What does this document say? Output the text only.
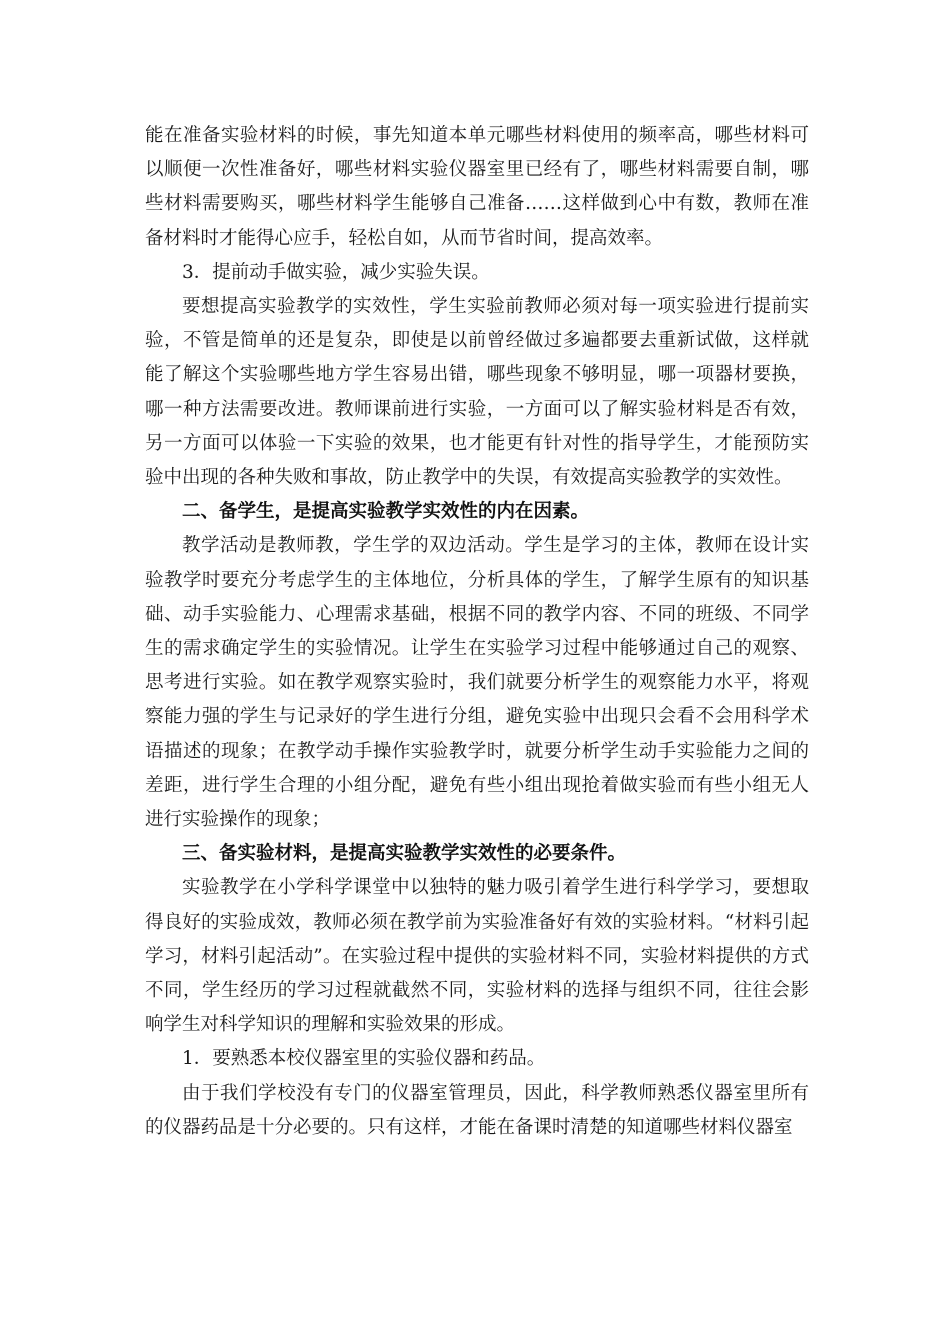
能在准备实验材料的时候，事先知道本单元哪些材料使用的频率高，哪些材料可以顺便一次性准备好，哪些材料实验仪器室里已经有了，哪些材料需要自制，哪些材料需要购买，哪些材料学生能够自己准备……这样做到心中有数，教师在准备材料时才能得心应手，轻松自如，从而节省时间，提高效率。

3．提前动手做实验，减少实验失误。

要想提高实验教学的实效性，学生实验前教师必须对每一项实验进行提前实验，不管是简单的还是复杂，即使是以前曾经做过多遍都要去重新试做，这样就能了解这个实验哪些地方学生容易出错，哪些现象不够明显，哪一项器材要换，哪一种方法需要改进。教师课前进行实验，一方面可以了解实验材料是否有效，另一方面可以体验一下实验的效果，也才能更有针对性的指导学生，才能预防实验中出现的各种失败和事故，防止教学中的失误，有效提高实验教学的实效性。

二、备学生，是提高实验教学实效性的内在因素。

教学活动是教师教，学生学的双边活动。学生是学习的主体，教师在设计实验教学时要充分考虑学生的主体地位，分析具体的学生，了解学生原有的知识基础、动手实验能力、心理需求基础，根据不同的教学内容、不同的班级、不同学生的需求确定学生的实验情况。让学生在实验学习过程中能够通过自己的观察、思考进行实验。如在教学观察实验时，我们就要分析学生的观察能力水平，将观察能力强的学生与记录好的学生进行分组，避免实验中出现只会看不会用科学术语描述的现象；在教学动手操作实验教学时，就要分析学生动手实验能力之间的差距，进行学生合理的小组分配，避免有些小组出现抢着做实验而有些小组无人进行实验操作的现象；

三、备实验材料，是提高实验教学实效性的必要条件。

实验教学在小学科学课堂中以独特的魅力吸引着学生进行科学学习，要想取得良好的实验成效，教师必须在教学前为实验准备好有效的实验材料。“材料引起学习，材料引起活动”。在实验过程中提供的实验材料不同，实验材料提供的方式不同，学生经历的学习过程就截然不同，实验材料的选择与组织不同，往往会影响学生对科学知识的理解和实验效果的形成。

1．要熟悉本校仪器室里的实验仪器和药品。

由于我们学校没有专门的仪器室管理员，因此，科学教师熟悉仪器室里所有的仪器药品是十分必要的。只有这样，才能在备课时清楚的知道哪些材料仪器室
